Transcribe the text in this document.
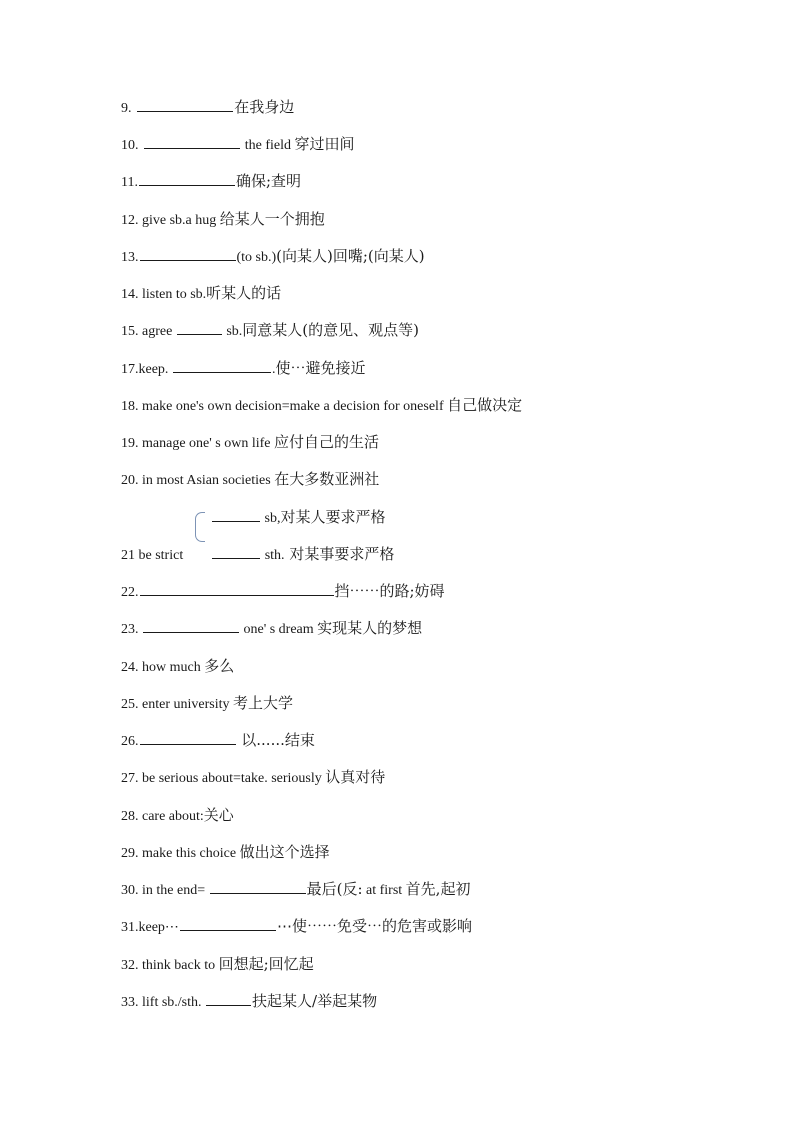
9.	在我身边
10.	the field 穿过田间
11.	确保;查明
12. give sb.a hug 给某人一个拥抱
13.	(to sb.)(向某人)回嘴;(向某人)
14. listen to sb.听某人的话
15. agree	sb.同意某人(的意见、观点等)
17.keep.	.使⋯避免接近
18. make one's own decision=make a decision for oneself 自己做决定
19. manage one' s own life 应付自己的生活
20. in most Asian societies 在大多数亚洲社
sb,对某人要求严格
21 be strict	sth. 对某事要求严格
22.	挡⋯⋯的路;妨碍
23.	one' s dream 实现某人的梦想
24. how much 多么
25. enter university 考上大学
26.	以......结束
27. be serious about=take. seriously 认真对待
28. care about:关心
29. make this choice 做出这个选择
30. in the end=	最后(反: at first 首先,起初
31.keep⋯	⋯使⋯⋯免受⋯的危害或影响
32. think back to 回想起;回忆起
33. lift sb./sth.	扶起某人/举起某物
